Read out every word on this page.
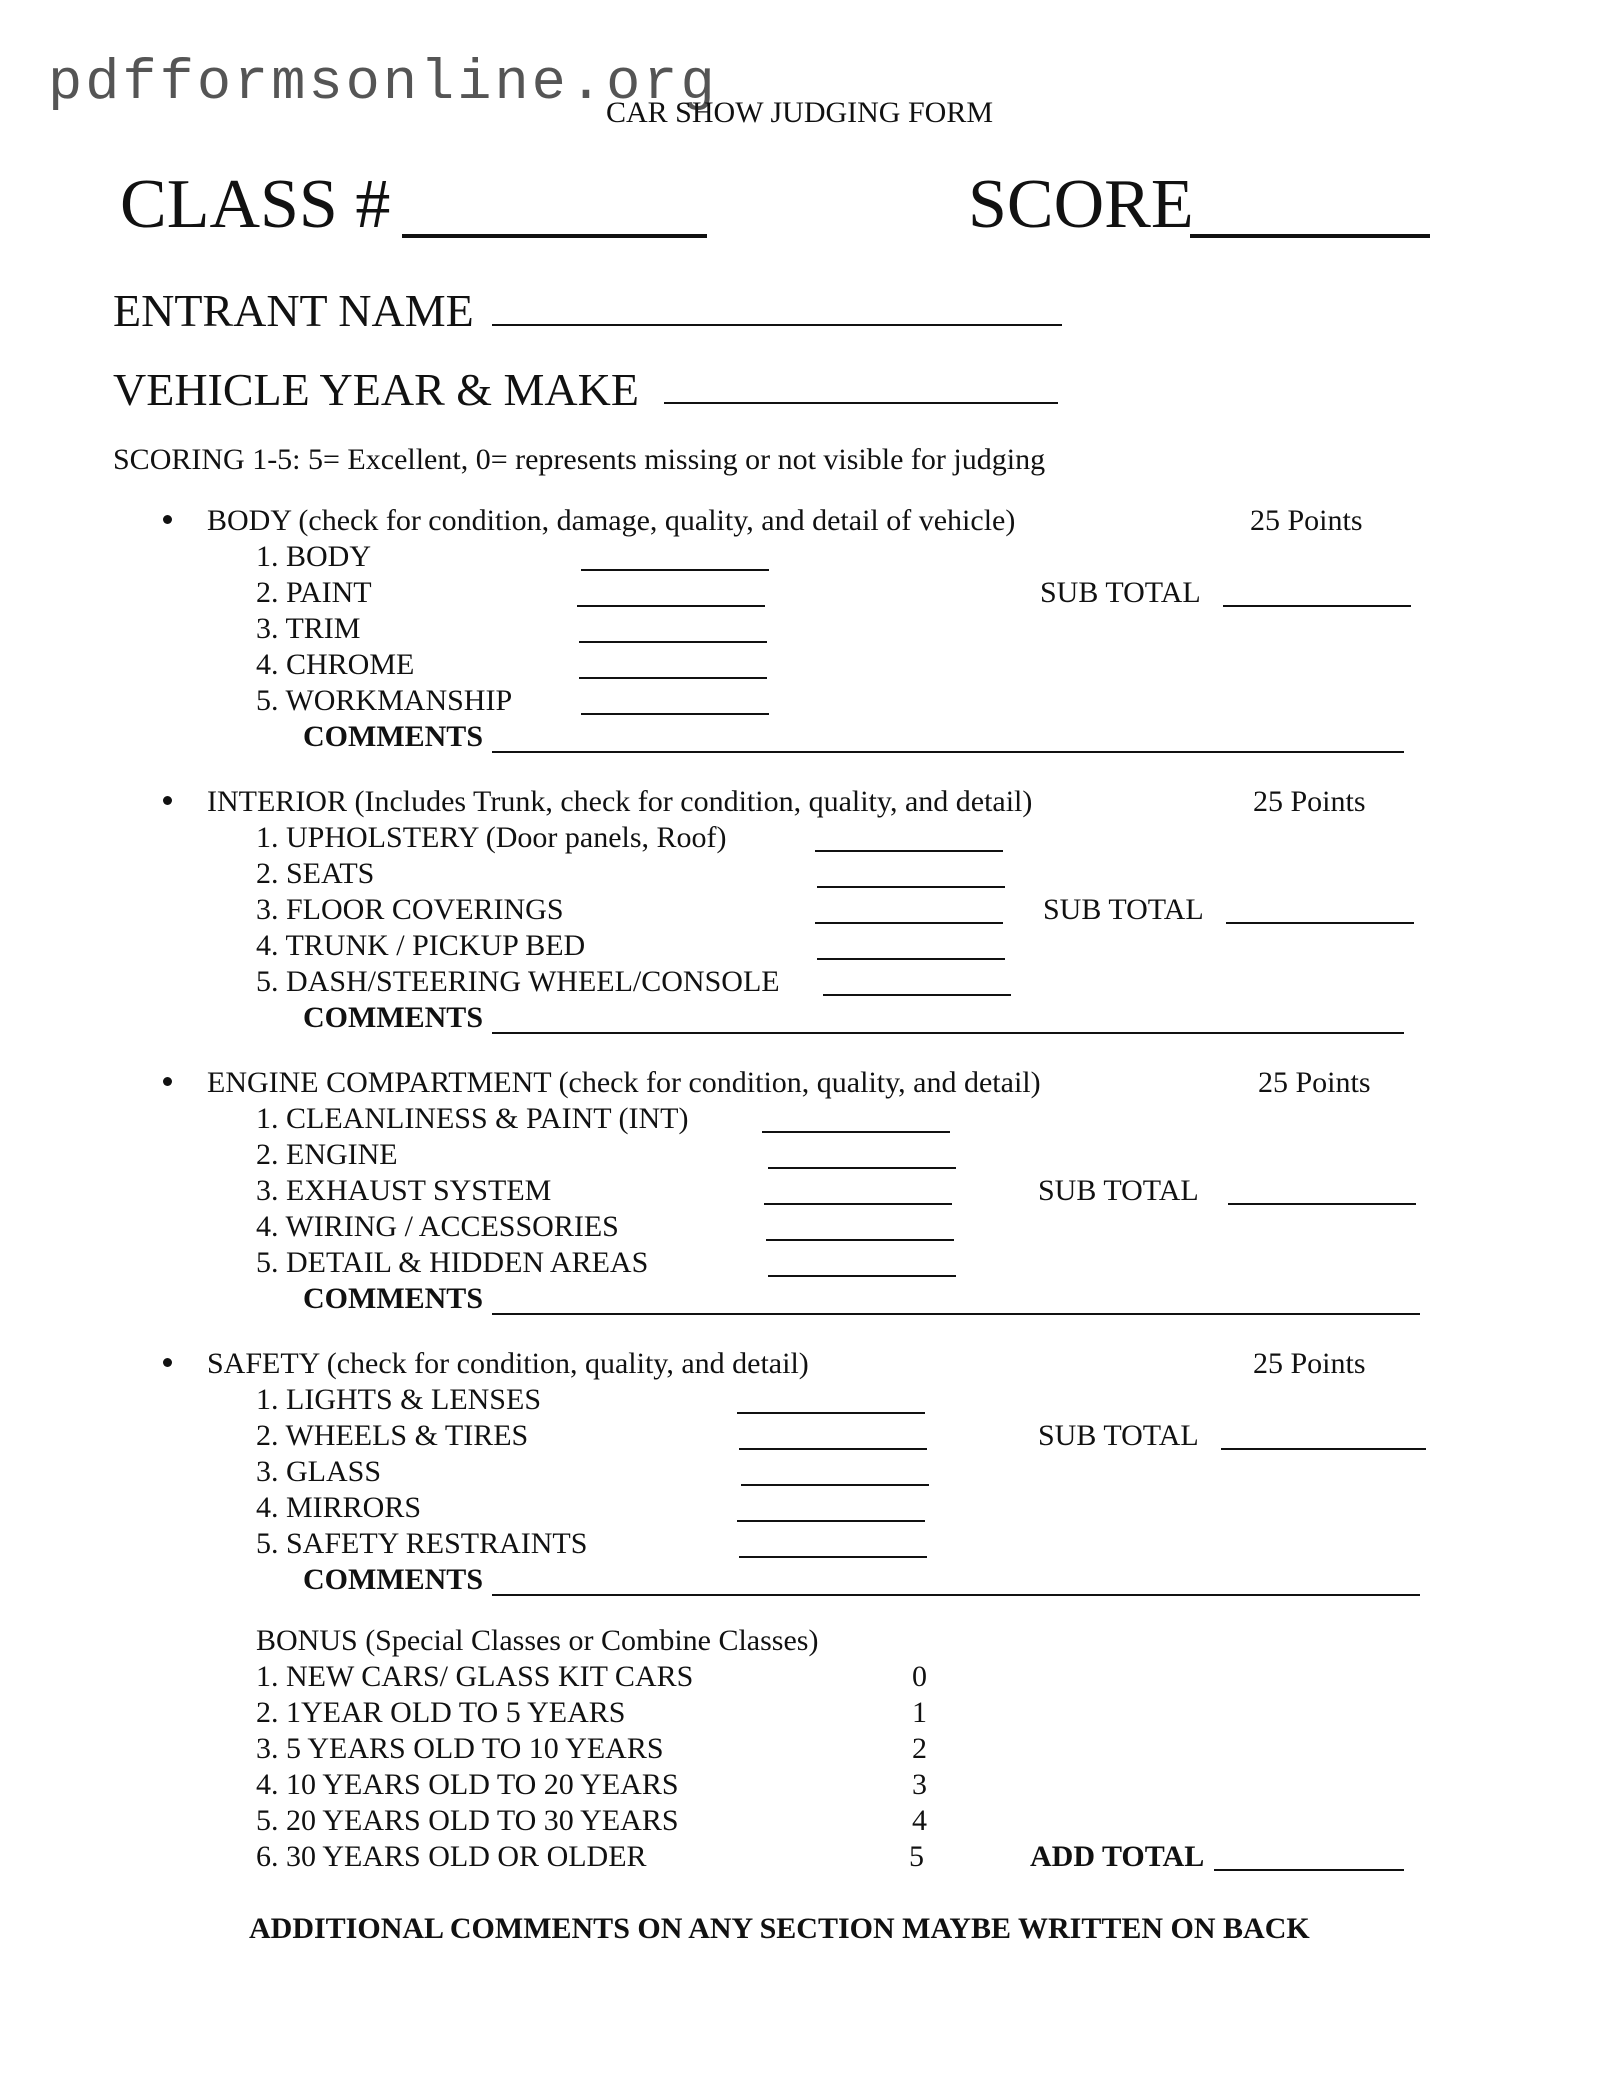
pdfformsonline.org
CAR SHOW JUDGING FORM
CLASS #	SCORE
ENTRANT NAME
VEHICLE YEAR & MAKE
SCORING 1-5: 5= Excellent, 0= represents missing or not visible for judging
BODY (check for condition, damage, quality, and detail of vehicle)	25 Points
1. BODY
2. PAINT
3. TRIM
4. CHROME
5. WORKMANSHIP
SUB TOTAL
COMMENTS
INTERIOR (Includes Trunk, check for condition, quality, and detail)	25 Points
1. UPHOLSTERY (Door panels, Roof)
2. SEATS
3. FLOOR COVERINGS
4. TRUNK / PICKUP BED
5. DASH/STEERING WHEEL/CONSOLE
SUB TOTAL
COMMENTS
ENGINE COMPARTMENT (check for condition, quality, and detail)	25 Points
1. CLEANLINESS & PAINT (INT)
2. ENGINE
3. EXHAUST SYSTEM
4. WIRING / ACCESSORIES
5. DETAIL & HIDDEN AREAS
SUB TOTAL
COMMENTS
SAFETY (check for condition, quality, and detail)	25 Points
1. LIGHTS & LENSES
2. WHEELS & TIRES
3. GLASS
4. MIRRORS
5. SAFETY RESTRAINTS
SUB TOTAL
COMMENTS
BONUS (Special Classes or Combine Classes)
1. NEW CARS/ GLASS KIT CARS	0
2. 1YEAR OLD TO 5 YEARS	1
3. 5 YEARS OLD TO 10 YEARS	2
4. 10 YEARS OLD TO 20 YEARS	3
5. 20 YEARS OLD TO 30 YEARS	4
6. 30 YEARS OLD OR OLDER	5	ADD TOTAL
ADDITIONAL COMMENTS ON ANY SECTION MAYBE WRITTEN ON BACK
